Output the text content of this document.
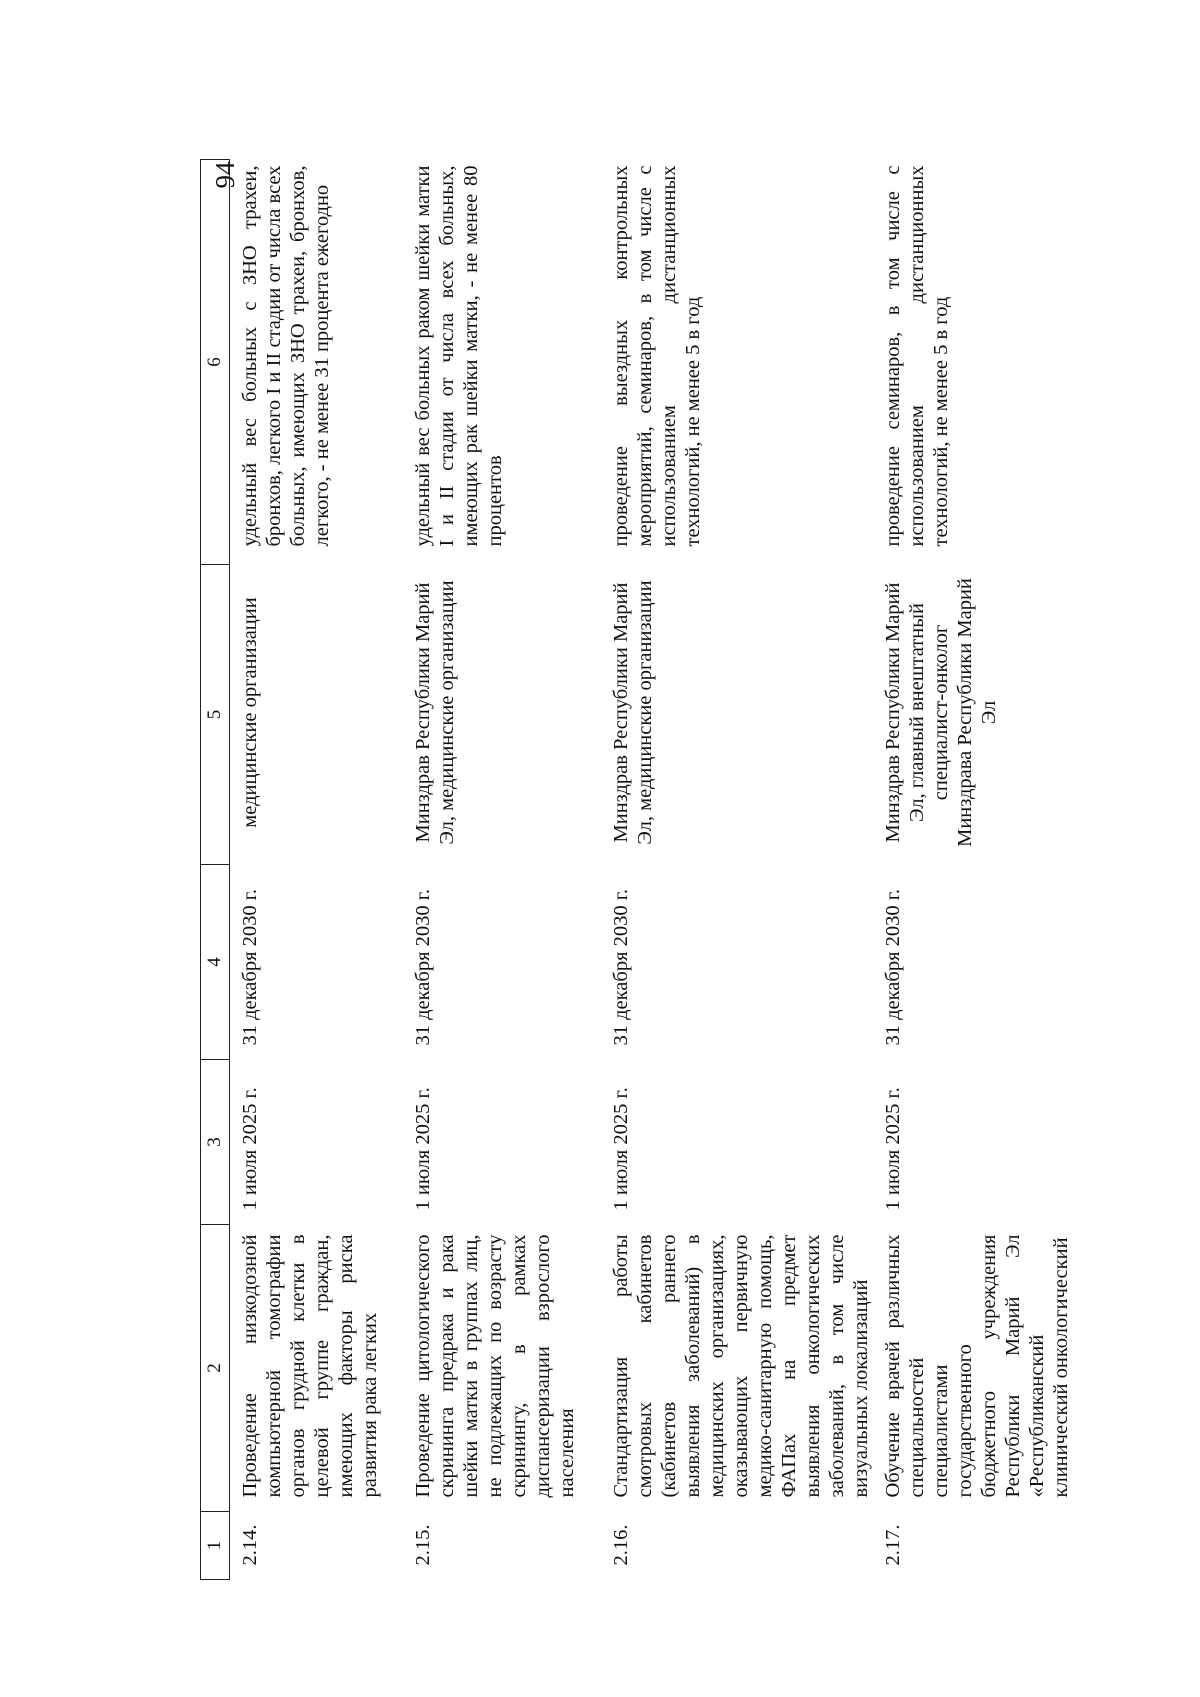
94
1	2	3	4	5	6
2.14.	Проведение низкодозной компьютерной томографии органов грудной клетки в целевой группе граждан, имеющих факторы риска развития рака легких	1 июля 2025 г.	31 декабря 2030 г.	медицинские организации	удельный вес больных с ЗНО трахеи, бронхов, легкого I и II стадии от числа всех больных, имеющих ЗНО трахеи, бронхов, легкого, - не менее 31 процента ежегодно
2.15.	Проведение цитологического скрининга предрака и рака шейки матки в группах лиц, не подлежащих по возрасту скринингу, в рамках диспансеризации взрослого населения	1 июля 2025 г.	31 декабря 2030 г.	Минздрав Республики Марий Эл, медицинские организации	удельный вес больных раком шейки матки I и II стадии от числа всех больных, имеющих рак шейки матки, - не менее 80 процентов
2.16.	Стандартизация работы смотровых кабинетов (кабинетов раннего выявления заболеваний) в медицинских организациях, оказывающих первичную медико-санитарную помощь, ФАПах на предмет выявления онкологических заболеваний, в том числе визуальных локализаций	1 июля 2025 г.	31 декабря 2030 г.	Минздрав Республики Марий Эл, медицинские организации	проведение выездных контрольных мероприятий, семинаров, в том числе с использованием дистанционных технологий, не менее 5 в год
2.17.	Обучение врачей различных специальностей специалистами государственного бюджетного учреждения Республики Марий Эл «Республиканский клинический онкологический	1 июля 2025 г.	31 декабря 2030 г.	Минздрав Республики Марий Эл, главный внештатный специалист-онколог Минздрава Республики Марий Эл	проведение семинаров, в том числе с использованием дистанционных технологий, не менее 5 в год
